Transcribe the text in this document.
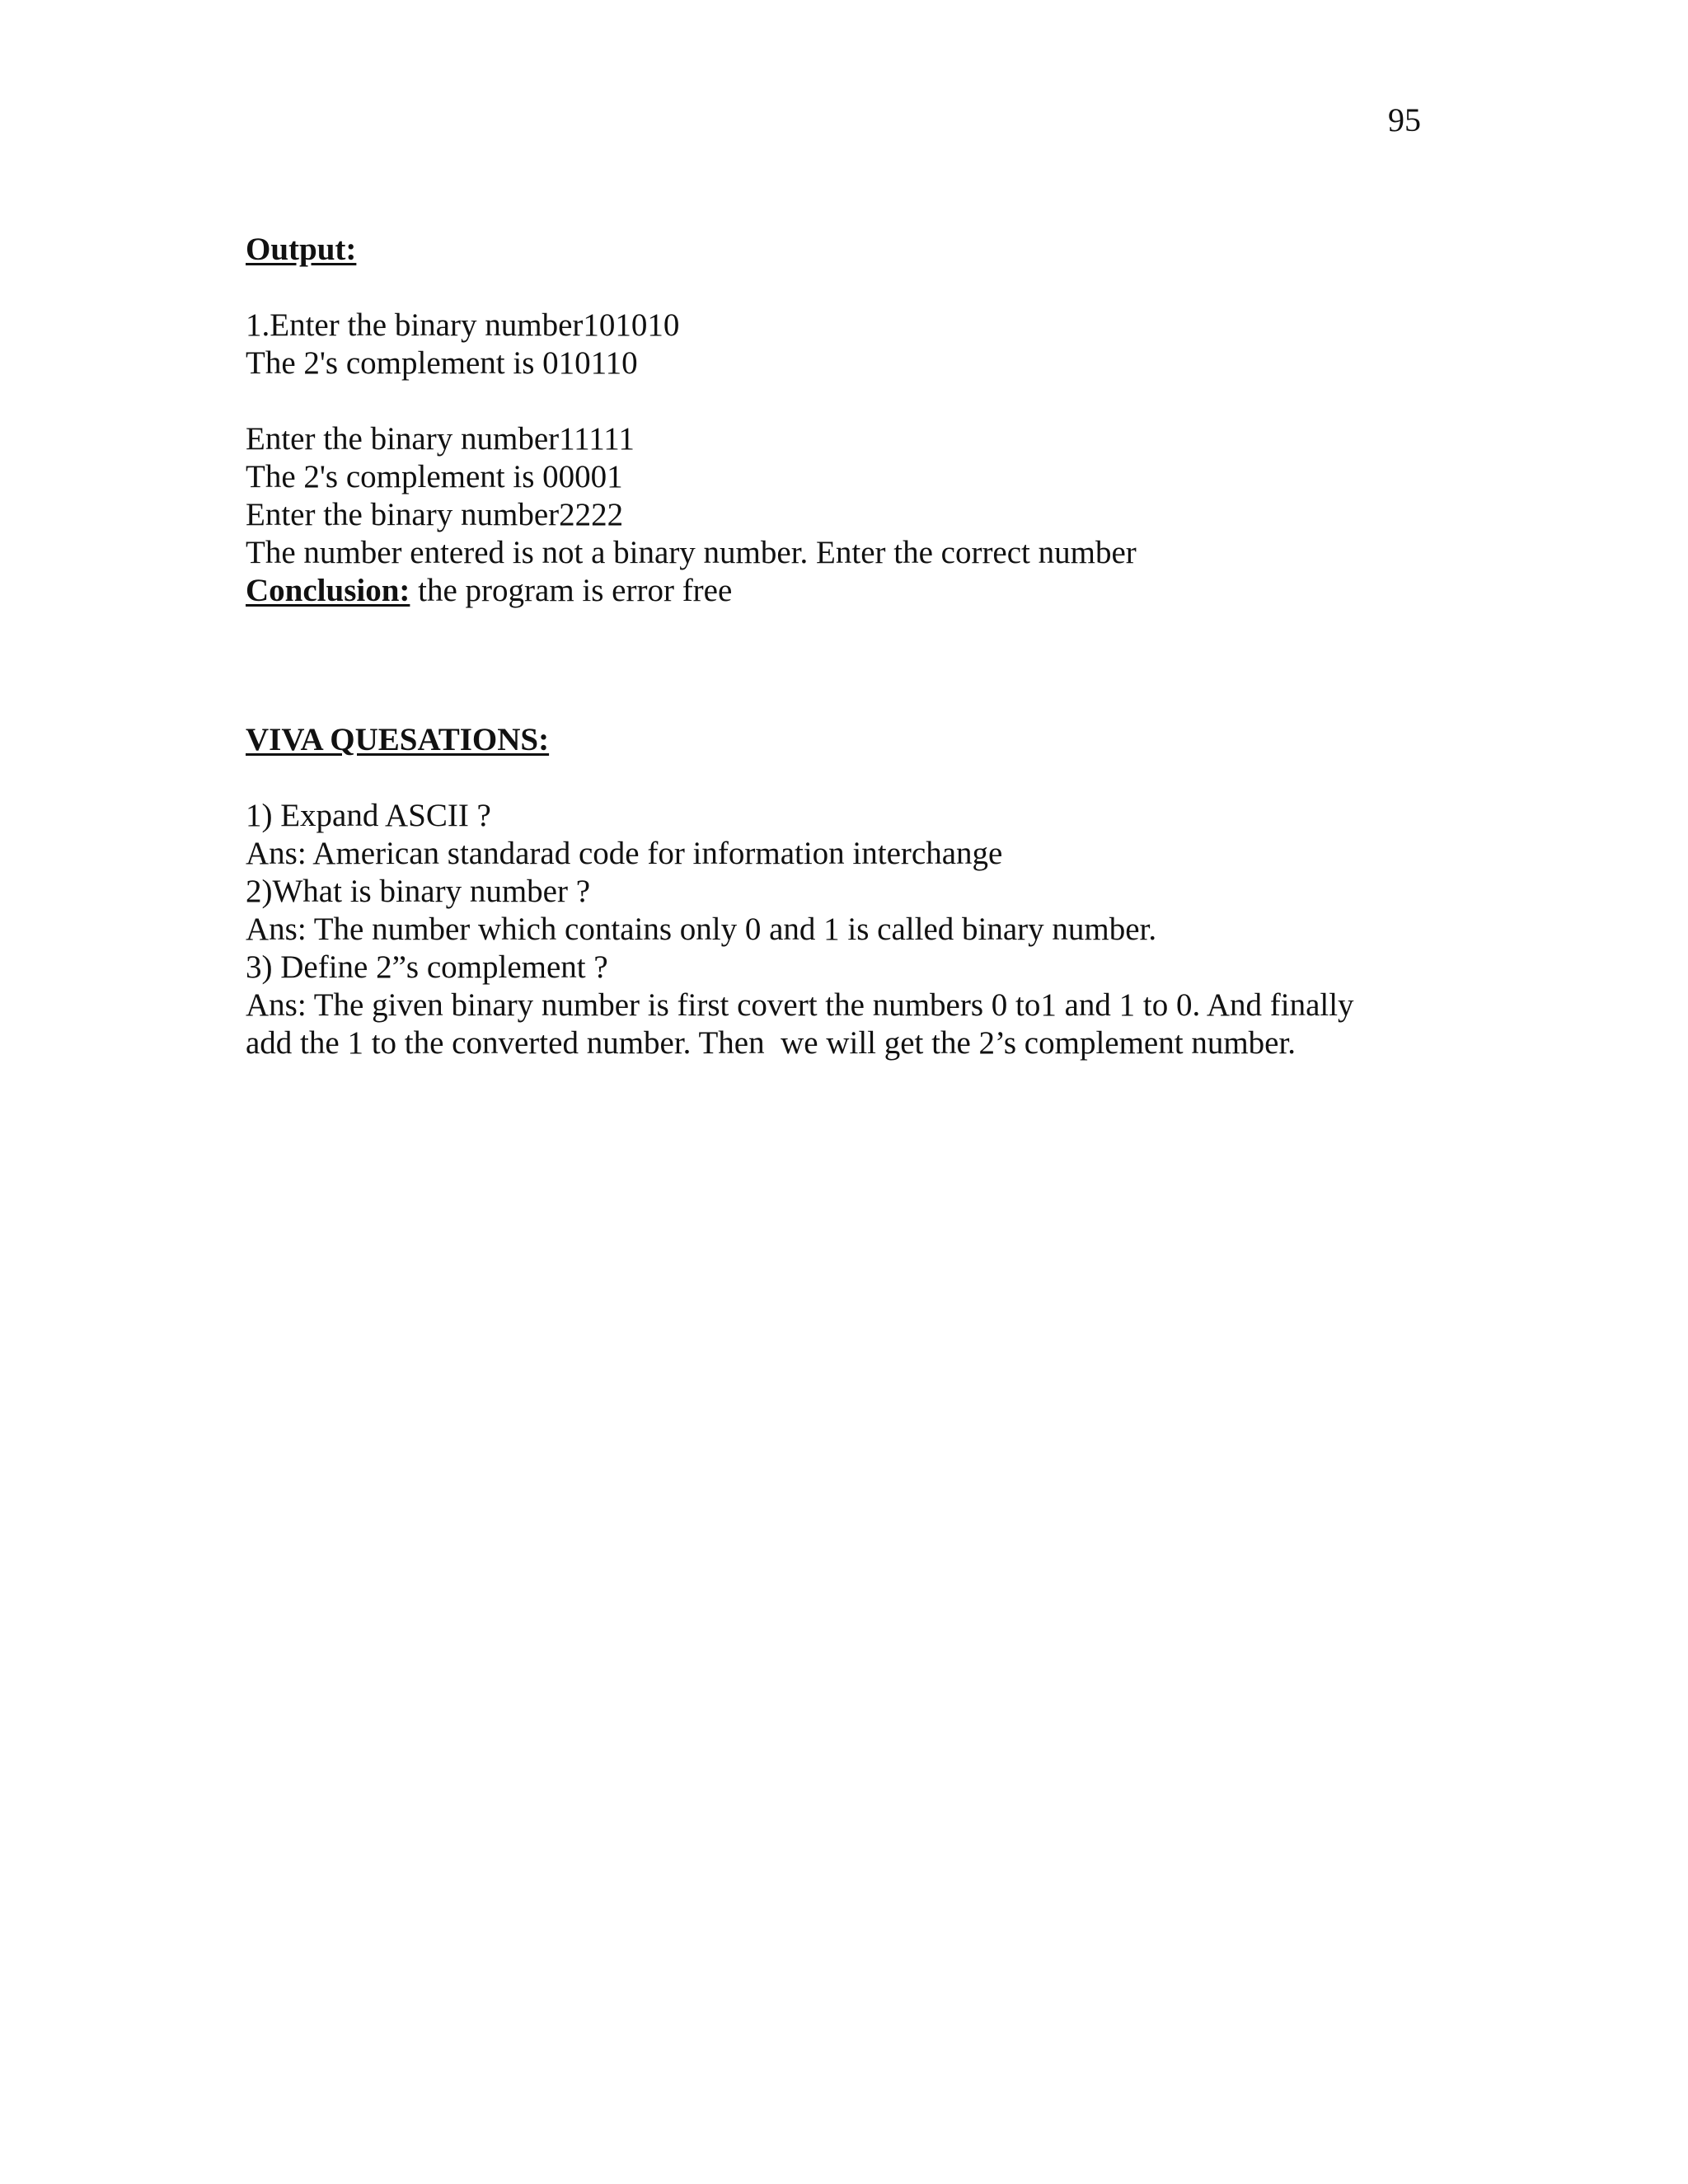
95
Output:
1.Enter the binary number101010
The 2's complement is 010110
Enter the binary number11111
The 2's complement is 00001
Enter the binary number2222
The number entered is not a binary number. Enter the correct number
Conclusion: the program is error free
VIVA QUESATIONS:
1) Expand ASCII ?
Ans: American standarad code for information interchange
2)What is binary number ?
Ans: The number which contains only 0 and 1 is called binary number.
3) Define 2”s complement ?
Ans: The given binary number is first covert the numbers 0 to1 and 1 to 0. And finally
add the 1 to the converted number. Then  we will get the 2’s complement number.
